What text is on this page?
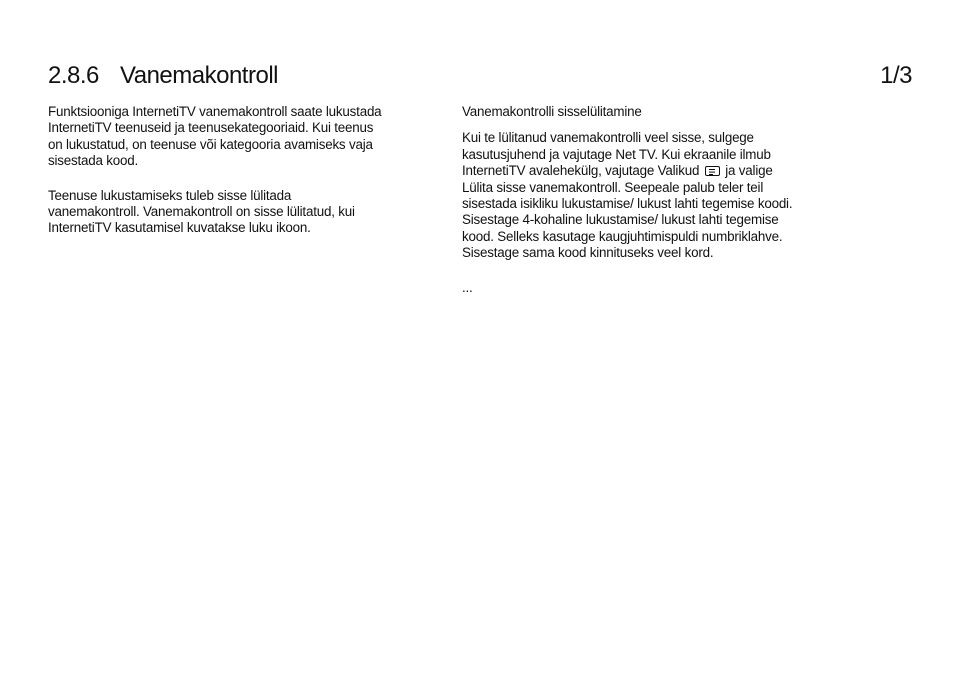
2.8.6 Vanemakontroll	1/3

Funktsiooniga InternetiTV vanemakontroll saate lukustada
InternetiTV teenuseid ja teenusekategooriaid. Kui teenus
on lukustatud, on teenuse või kategooria avamiseks vaja
sisestada kood.

Teenuse lukustamiseks tuleb sisse lülitada
vanemakontroll. Vanemakontroll on sisse lülitatud, kui
InternetiTV kasutamisel kuvatakse luku ikoon.

Vanemakontrolli sisselülitamine

Kui te lülitanud vanemakontrolli veel sisse, sulgege
kasutusjuhend ja vajutage Net TV. Kui ekraanile ilmub
InternetiTV avalehekülg, vajutage Valikud ja valige
Lülita sisse vanemakontroll. Seepeale palub teler teil
sisestada isikliku lukustamise/ lukust lahti tegemise koodi.
Sisestage 4-kohaline lukustamise/ lukust lahti tegemise
kood. Selleks kasutage kaugjuhtimispuldi numbriklahve.
Sisestage sama kood kinnituseks veel kord.

...
